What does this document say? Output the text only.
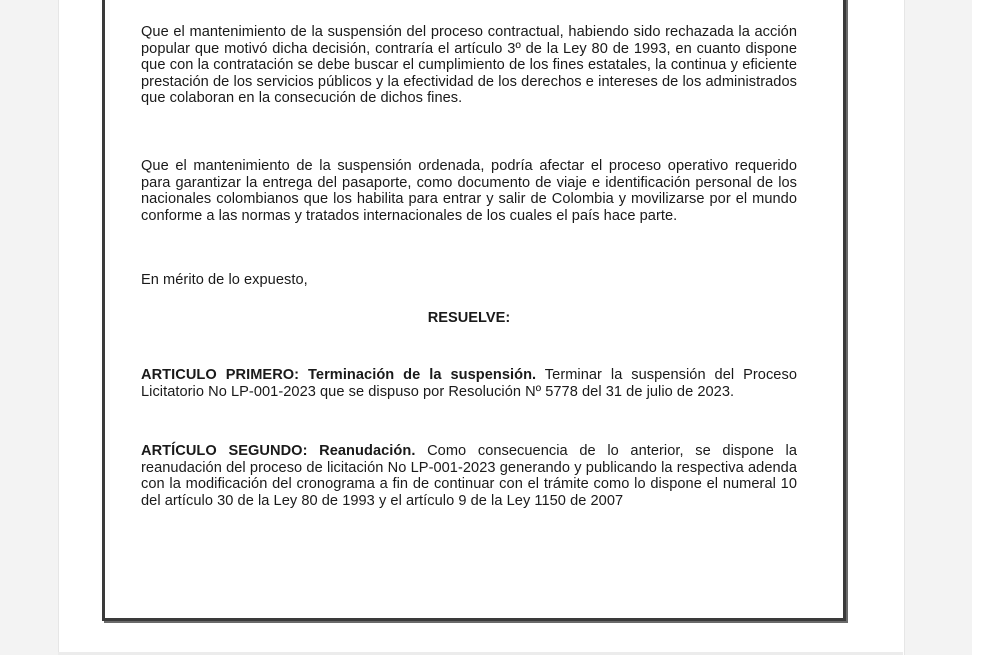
Que el mantenimiento de la suspensión del proceso contractual, habiendo sido rechazada la acción popular que motivó dicha decisión, contraría el artículo 3º de la Ley 80 de 1993, en cuanto dispone que con la contratación se debe buscar el cumplimiento de los fines estatales, la continua y eficiente prestación de los servicios públicos y la efectividad de los derechos e intereses de los administrados que colaboran en la consecución de dichos fines.

Que el mantenimiento de la suspensión ordenada, podría afectar el proceso operativo requerido para garantizar la entrega del pasaporte, como documento de viaje e identificación personal de los nacionales colombianos que los habilita para entrar y salir de Colombia y movilizarse por el mundo conforme a las normas y tratados internacionales de los cuales el país hace parte.

En mérito de lo expuesto,

RESUELVE:

ARTICULO PRIMERO: Terminación de la suspensión. Terminar la suspensión del Proceso Licitatorio No LP-001-2023 que se dispuso por Resolución Nº 5778 del 31 de julio de 2023.

ARTÍCULO SEGUNDO: Reanudación. Como consecuencia de lo anterior, se dispone la reanudación del proceso de licitación No LP-001-2023 generando y publicando la respectiva adenda con la modificación del cronograma a fin de continuar con el trámite como lo dispone el numeral 10 del artículo 30 de la Ley 80 de 1993 y el artículo 9 de la Ley 1150 de 2007
